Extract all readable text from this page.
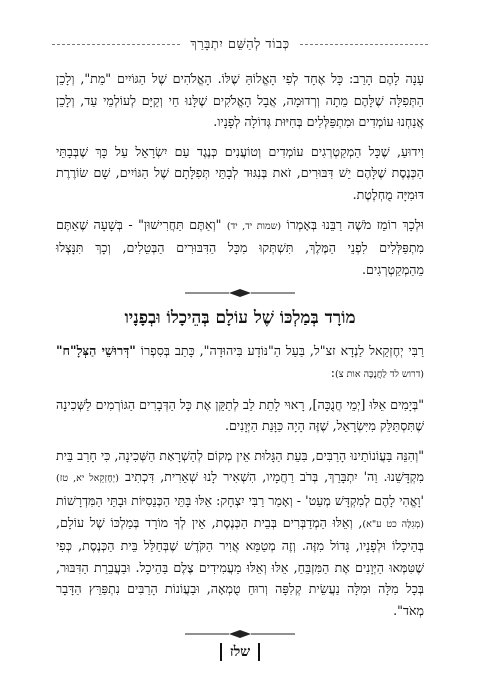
כְּבוֹד לְהַשֵּׁם יִתְבָּרַךְ

עָנָה לָהֶם הָרַב: כָּל אֶחָד לְפִי הָאֱלוֹהַּ שֶׁלּוֹ. הָאֱלֹהִים שֶׁל הַגּוֹיִים "מֵת", וְלָכֵן הַתְּפִלָּה שֶׁלָּהֶם מֵתָה וְרְדוּמָה, אֲבָל הָאֱלֹקִים שֶׁלָּנוּ חַי וְקַיָּם לְעוֹלְמֵי עַד, וְלָכֵן אֲנַחְנוּ עוֹמְדִים וּמִתְפַּלְּלִים בְּחִיּוּת גְּדוֹלָה לְפָנָיו.

וִידוּעַ, שֶׁכָּל הַמְקַטְרְגִים עוֹמְדִים וְטוֹעֲנִים כְּנֶגֶד עַם יִשְׂרָאֵל עַל כָּךְ שֶׁבְּבָתֵּי הַכְּנֶסֶת שֶׁלָּהֶם יֵשׁ דִּבּוּרִים, זֹאת בְּנִגּוּד לְבָתֵּי תְּפִלָּתָם שֶׁל הַגּוֹיִים, שָׁם שׂוֹרֶרֶת דּוּמִיָּה מֻחְלֶטֶת.

וּלְכָךְ רוֹמֵז מֹשֶׁה רַבֵּנוּ בְּאָמְרוֹ (שמות יד, יד) "וְאַתֶּם תַּחֲרִישׁוּן" - בְּשָׁעָה שֶׁאַתֶּם מִתְפַּלְּלִים לִפְנֵי הַמֶּלֶךְ, תִּשְׁתְּקוּ מִכָּל הַדִּבּוּרִים הַבְּטֵלִים, וְכָךְ תִּנָּצְלוּ מֵהַמְקַטְרְגִים.

מוֹרָד בְּמַלְכּוֹ שֶׁל עוֹלָם בְּהֵיכָלוֹ וּבְפָנָיו

רַבִּי יְחֶזְקֵאל לַנְדָא זצ"ל, בַּעַל הַ"נּוֹדָע בִּיהוּדָה", כָּתַב בְּסִפְרוֹ "דְּרוּשֵׁי הַצְּלָ"ח" (דרוש לד לַחֲנֻכָּה אות צ):

"בְּיָמִים אֵלּוּ [יְמֵי חֲנֻכָּה], רָאוּי לָתֵת לֵב לְתַקֵּן אֶת כָּל הַדְּבָרִים הַגּוֹרְמִים לַשְּׁכִינָה שֶׁתִּסְתַּלֵּק מִיִּשְׂרָאֵל, שֶׁזֶּה הָיָה כַּוָּנַת הַיְּוָנִים.

"וְהִנֵּה בַּעֲוֹנוֹתֵינוּ הָרַבִּים, בִּעֵת הַגָּלוּת אֵין מְקוֹם לְהַשְׁרָאַת הַשְּׁכִינָה, כִּי חָרַב בֵּית מִקְדָּשֵׁנוּ. וַה' יִתְבָּרַךְ, בְּרֹב רַחֲמָיו, הִשְׁאִיר לָנוּ שְׁאֵרִית, דִּכְתִיב (יְחֶזְקֵאל יא, טז) 'וָאֱהִי לָהֶם לְמִקְדָּשׁ מְעַט' - וְאָמַר רַבִּי יִצְחָק: אֵלּוּ בָּתֵּי הַכְּנֵסִיּוֹת וּבָתֵּי הַמִּדְרָשׁוֹת (מְגִלָּה כט ע"א), וְאֵלּוּ הַמְדַבְּרִים בְּבֵית הַכְּנֶסֶת, אֵין לְךָ מוֹרָד בְּמַלְכּוֹ שֶׁל עוֹלָם, בְּהֵיכָלוֹ וּלְפָנָיו, גָּדוֹל מִזֶּה. וְזֶה מְטַמֵּא אֲוִיר הַקֹּדֶשׁ שֶׁבְּחַלַּל בֵּית הַכְּנֶסֶת, כְּפִי שֶׁטִּמְּאוּ הַיְּוָנִים אֶת הַמִּזְבֵּחַ, אֵלּוּ וְאֵלּוּ מַעֲמִידִים צֶלֶם בַּהֵיכָל. וּבַעֲבֵרַת הַדִּבּוּר, בְּכָל מִלָּה וּמִלָּה נַעֲשֵׂית קְלִפָּה וְרוּחַ טֻמְאָה, וּבַעֲוֹנוֹת הָרַבִּים נִתְפַּרֵּץ הַדָּבָר מְאֹד".

שלז
